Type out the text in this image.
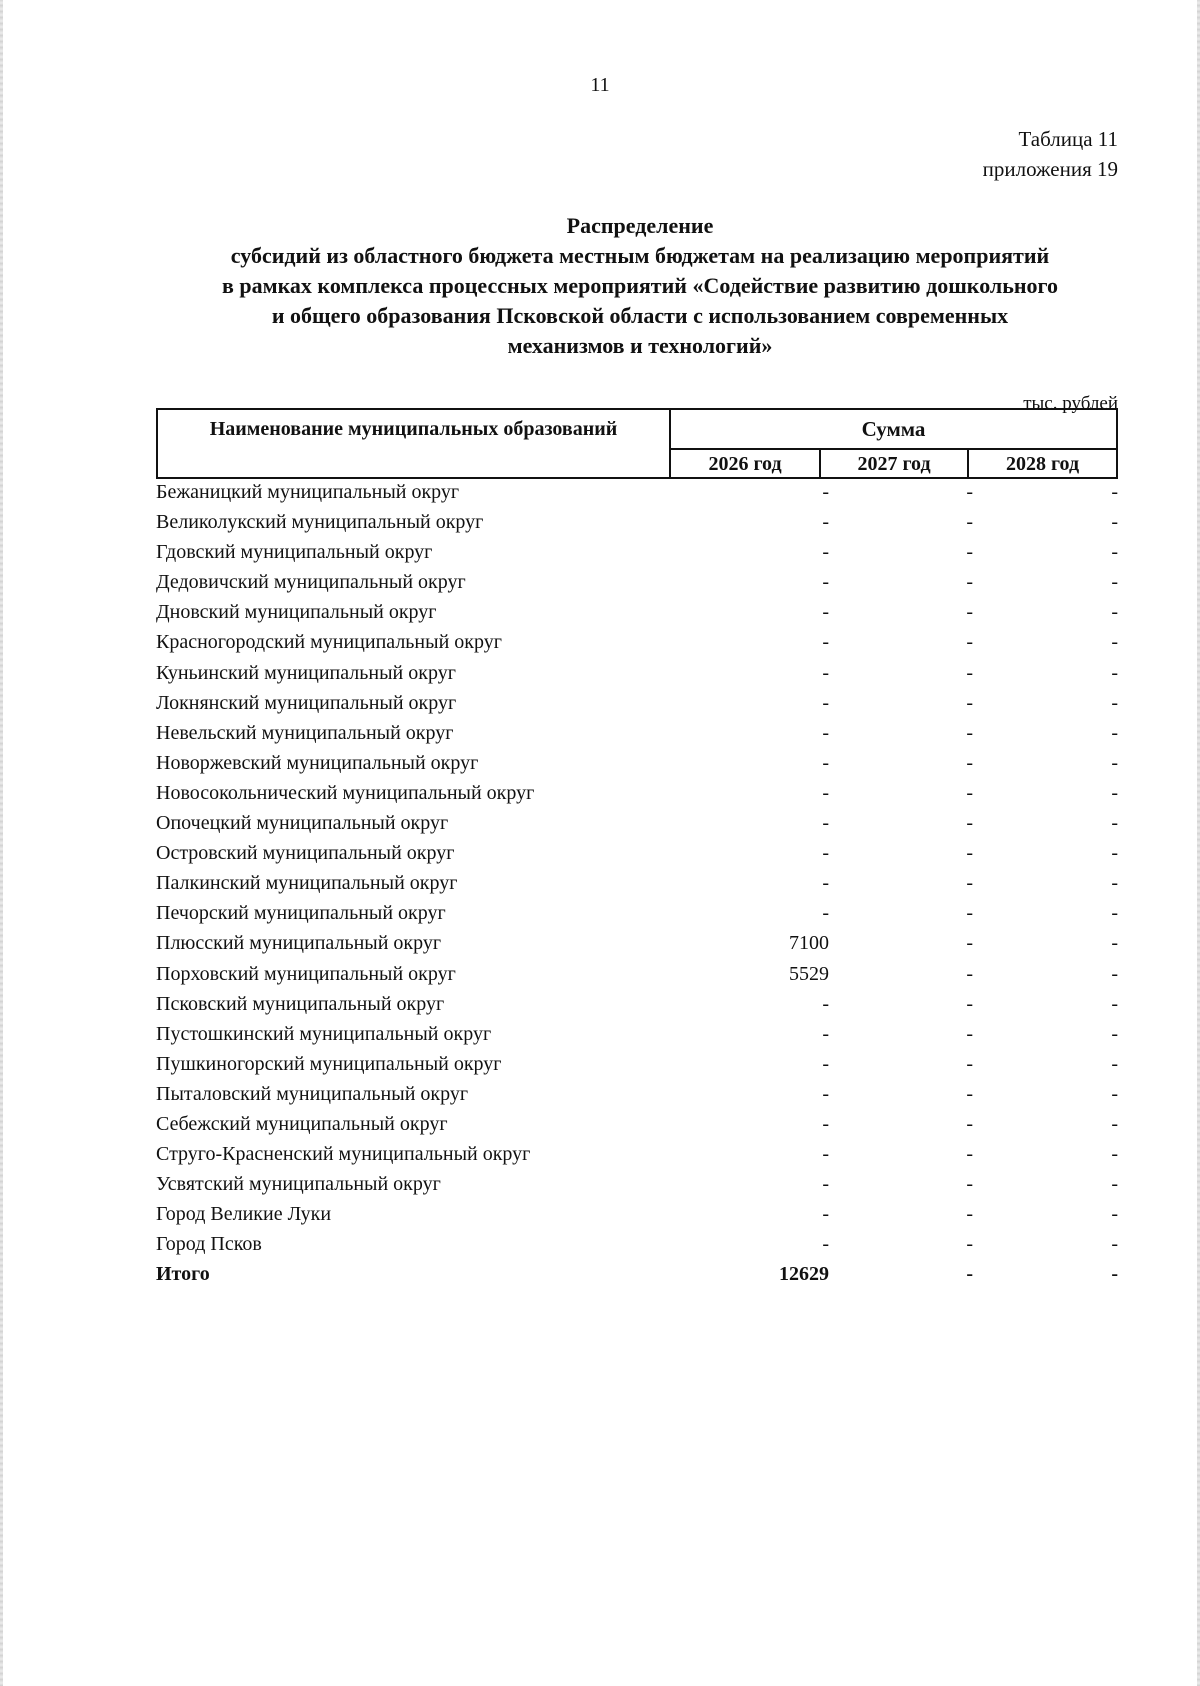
11
Таблица 11
приложения 19
Распределение
субсидий из областного бюджета местным бюджетам на реализацию мероприятий
в рамках комплекса процессных мероприятий «Содействие развитию дошкольного
и общего образования Псковской области с использованием современных
механизмов и технологий»
тыс. рублей
Наименование муниципальных образований	Сумма
2026 год	2027 год	2028 год
Бежаницкий муниципальный округ	-	-	-
Великолукский муниципальный округ	-	-	-
Гдовский муниципальный округ	-	-	-
Дедовичский муниципальный округ	-	-	-
Дновский муниципальный округ	-	-	-
Красногородский муниципальный округ	-	-	-
Куньинский муниципальный округ	-	-	-
Локнянский муниципальный округ	-	-	-
Невельский муниципальный округ	-	-	-
Новоржевский муниципальный округ	-	-	-
Новосокольнический муниципальный округ	-	-	-
Опочецкий муниципальный округ	-	-	-
Островский муниципальный округ	-	-	-
Палкинский муниципальный округ	-	-	-
Печорский муниципальный округ	-	-	-
Плюсский муниципальный округ	7100	-	-
Порховский муниципальный округ	5529	-	-
Псковский муниципальный округ	-	-	-
Пустошкинский муниципальный округ	-	-	-
Пушкиногорский муниципальный округ	-	-	-
Пыталовский муниципальный округ	-	-	-
Себежский муниципальный округ	-	-	-
Струго-Красненский муниципальный округ	-	-	-
Усвятский муниципальный округ	-	-	-
Город Великие Луки	-	-	-
Город Псков	-	-	-
Итого	12629	-	-
